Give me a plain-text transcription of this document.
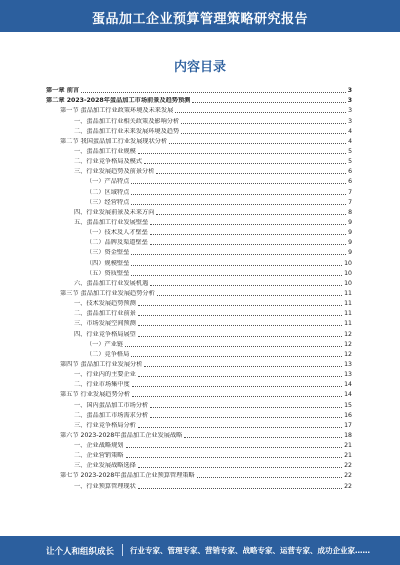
蛋品加工企业预算管理策略研究报告
内容目录
第一章 前言	3
第二章 2023-2028年蛋品加工市场前景及趋势预测	3
第一节 蛋品加工行业政策环境及未来发展	3
一、蛋品加工行业相关政策及影响分析	3
二、蛋品加工行业未来发展环境及趋势	4
第二节 我国蛋品加工行业发展现状分析	4
一、蛋品加工行业规模	5
二、行业竞争格局及模式	5
三、行业发展趋势及前景分析	6
（一）产品特点	6
（二）区域特点	7
（三）经营特点	7
四、行业发展前景及未来方向	8
五、蛋品加工行业发展壁垒	9
（一）技术及人才壁垒	9
（二）品牌及渠道壁垒	9
（三）资金壁垒	9
（四）规模壁垒	10
（五）资质壁垒	10
六、蛋品加工行业发展机遇	10
第三节 蛋品加工行业发展趋势分析	11
一、技术发展趋势预测	11
二、蛋品加工行业前景	11
三、市场发展空间预测	11
四、行业竞争格局展望	12
（一）产业链	12
（二）竞争格局	12
第四节 蛋品加工行业发展分析	13
一、行业内的主要企业	13
二、行业市场集中度	14
第五节 行业发展趋势分析	14
一、国内蛋品加工市场分析	15
二、蛋品加工市场需求分析	16
三、行业竞争格局分析	17
第六节 2023-2028年蛋品加工企业发展战略	18
一、企业战略规划	21
二、企业营销策略	21
三、企业发展战略选择	22
第七节 2023-2028年蛋品加工企业预算管理策略	22
一、行业预算管理现状	22
让个人和组织成长 行业专家、管理专家、营销专家、战略专家、运营专家、成功企业家……
